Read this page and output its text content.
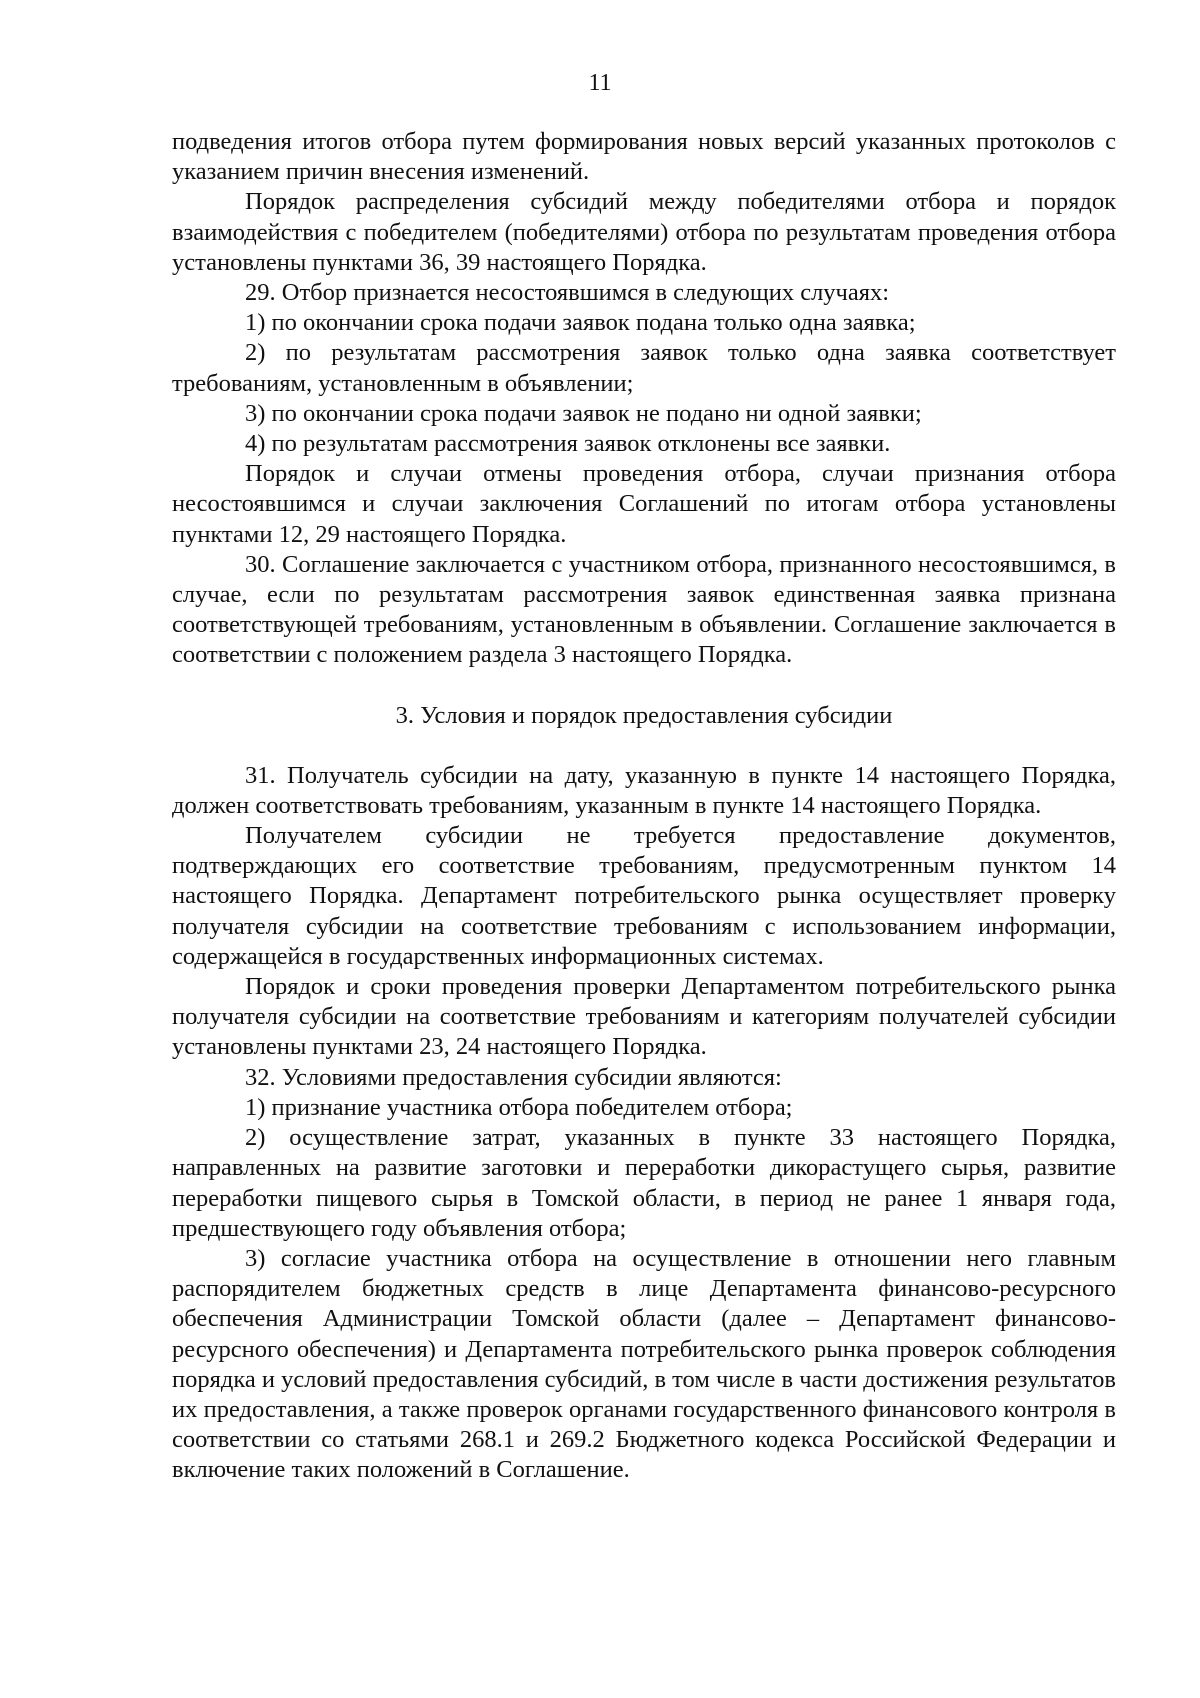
11

подведения итогов отбора путем формирования новых версий указанных протоколов с указанием причин внесения изменений.

Порядок распределения субсидий между победителями отбора и порядок взаимодействия с победителем (победителями) отбора по результатам проведения отбора установлены пунктами 36, 39 настоящего Порядка.

29. Отбор признается несостоявшимся в следующих случаях:

1) по окончании срока подачи заявок подана только одна заявка;

2) по результатам рассмотрения заявок только одна заявка соответствует требованиям, установленным в объявлении;

3) по окончании срока подачи заявок не подано ни одной заявки;

4) по результатам рассмотрения заявок отклонены все заявки.

Порядок и случаи отмены проведения отбора, случаи признания отбора несостоявшимся и случаи заключения Соглашений по итогам отбора установлены пунктами 12, 29 настоящего Порядка.

30. Соглашение заключается с участником отбора, признанного несостоявшимся, в случае, если по результатам рассмотрения заявок единственная заявка признана соответствующей требованиям, установленным в объявлении. Соглашение заключается в соответствии с положением раздела 3 настоящего Порядка.

3. Условия и порядок предоставления субсидии

31. Получатель субсидии на дату, указанную в пункте 14 настоящего Порядка, должен соответствовать требованиям, указанным в пункте 14 настоящего Порядка.

Получателем субсидии не требуется предоставление документов, подтверждающих его соответствие требованиям, предусмотренным пунктом 14 настоящего Порядка. Департамент потребительского рынка осуществляет проверку получателя субсидии на соответствие требованиям с использованием информации, содержащейся в государственных информационных системах.

Порядок и сроки проведения проверки Департаментом потребительского рынка получателя субсидии на соответствие требованиям и категориям получателей субсидии установлены пунктами 23, 24 настоящего Порядка.

32. Условиями предоставления субсидии являются:

1) признание участника отбора победителем отбора;

2) осуществление затрат, указанных в пункте 33 настоящего Порядка, направленных на развитие заготовки и переработки дикорастущего сырья, развитие переработки пищевого сырья в Томской области, в период не ранее 1 января года, предшествующего году объявления отбора;

3) согласие участника отбора на осуществление в отношении него главным распорядителем бюджетных средств в лице Департамента финансово-ресурсного обеспечения Администрации Томской области (далее – Департамент финансово-ресурсного обеспечения) и Департамента потребительского рынка проверок соблюдения порядка и условий предоставления субсидий, в том числе в части достижения результатов их предоставления, а также проверок органами государственного финансового контроля в соответствии со статьями 268.1 и 269.2 Бюджетного кодекса Российской Федерации и включение таких положений в Соглашение.
